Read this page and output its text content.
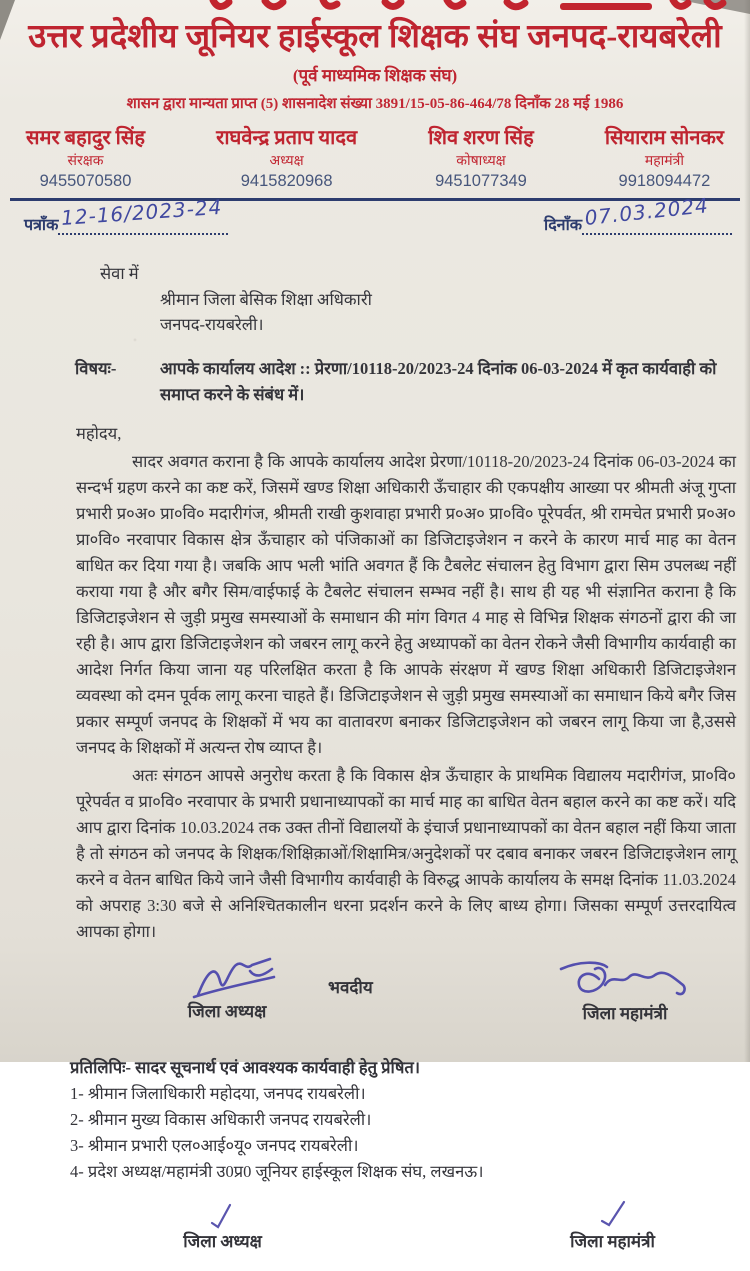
उत्तर प्रदेशीय जूनियर हाईस्कूल शिक्षक संघ जनपद-रायबरेली
(पूर्व माध्यमिक शिक्षक संघ)
शासन द्वारा मान्यता प्राप्त (5) शासनादेश संख्या 3891/15-05-86-464/78 दिनाँक 28 मई 1986
समर बहादुर सिंह
संरक्षक
9455070580
राघवेन्द्र प्रताप यादव
अध्यक्ष
9415820968
शिव शरण सिंह
कोषाध्यक्ष
9451077349
सियाराम सोनकर
महामंत्री
9918094472
पत्राँक 12-16/2023-24	दिनाँक 07.03.2024
सेवा में
श्रीमान जिला बेसिक शिक्षा अधिकारी
जनपद-रायबरेली।
विषयः-	आपके कार्यालय आदेश :: प्रेरणा/10118-20/2023-24 दिनांक 06-03-2024 में कृत कार्यवाही को समाप्त करने के संबंध में।

महोदय,

सादर अवगत कराना है कि आपके कार्यालय आदेश प्रेरणा/10118-20/2023-24 दिनांक 06-03-2024 का सन्दर्भ ग्रहण करने का कष्ट करें, जिसमें खण्ड शिक्षा अधिकारी ऊँचाहार की एकपक्षीय आख्या पर श्रीमती अंजू गुप्ता प्रभारी प्र०अ० प्रा०वि० मदारीगंज, श्रीमती राखी कुशवाहा प्रभारी प्र०अ० प्रा०वि० पूरेपर्वत, श्री रामचेत प्रभारी प्र०अ० प्रा०वि० नरवापार विकास क्षेत्र ऊँचाहार को पंजिकाओं का डिजिटाइजेशन न करने के कारण मार्च माह का वेतन बाधित कर दिया गया है। जबकि आप भली भांति अवगत हैं कि टैबलेट संचालन हेतु विभाग द्वारा सिम उपलब्ध नहीं कराया गया है और बगैर सिम/वाईफाई के टैबलेट संचालन सम्भव नहीं है। साथ ही यह भी संज्ञानित कराना है कि डिजिटाइजेशन से जुड़ी प्रमुख समस्याओं के समाधान की मांग विगत 4 माह से विभिन्न शिक्षक संगठनों द्वारा की जा रही है। आप द्वारा डिजिटाइजेशन को जबरन लागू करने हेतु अध्यापकों का वेतन रोकने जैसी विभागीय कार्यवाही का आदेश निर्गत किया जाना यह परिलक्षित करता है कि आपके संरक्षण में खण्ड शिक्षा अधिकारी डिजिटाइजेशन व्यवस्था को दमन पूर्वक लागू करना चाहते हैं। डिजिटाइजेशन से जुड़ी प्रमुख समस्याओं का समाधान किये बगैर जिस प्रकार सम्पूर्ण जनपद के शिक्षकों में भय का वातावरण बनाकर डिजिटाइजेशन को जबरन लागू किया जा है,उससे जनपद के शिक्षकों में अत्यन्त रोष व्याप्त है।

अतः संगठन आपसे अनुरोध करता है कि विकास क्षेत्र ऊँचाहार के प्राथमिक विद्यालय मदारीगंज, प्रा०वि० पूरेपर्वत व प्रा०वि० नरवापार के प्रभारी प्रधानाध्यापकों का मार्च माह का बाधित वेतन बहाल करने का कष्ट करें। यदि आप द्वारा दिनांक 10.03.2024 तक उक्त तीनों विद्यालयों के इंचार्ज प्रधानाध्यापकों का वेतन बहाल नहीं किया जाता है तो संगठन को जनपद के शिक्षक/शिक्षिक़ाओं/शिक्षामित्र/अनुदेशकों पर दबाव बनाकर जबरन डिजिटाइजेशन लागू करने व वेतन बाधित किये जाने जैसी विभागीय कार्यवाही के विरुद्ध आपके कार्यालय के समक्ष दिनांक 11.03.2024 को अपराह 3:30 बजे से अनिश्चितकालीन धरना प्रदर्शन करने के लिए बाध्य होगा। जिसका सम्पूर्ण उत्तरदायित्व आपका होगा।

भवदीय
जिला अध्यक्ष	जिला महामंत्री
प्रतिलिपिः- सादर सूचनार्थ एवं आवश्यक कार्यवाही हेतु प्रेषित।
1- श्रीमान जिलाधिकारी महोदया, जनपद रायबरेली।
2- श्रीमान मुख्य विकास अधिकारी जनपद रायबरेली।
3- श्रीमान प्रभारी एल०आई०यू० जनपद रायबरेली।
4- प्रदेश अध्यक्ष/महामंत्री उ0प्र0 जूनियर हाईस्कूल शिक्षक संघ, लखनऊ।
जिला अध्यक्ष	जिला महामंत्री
